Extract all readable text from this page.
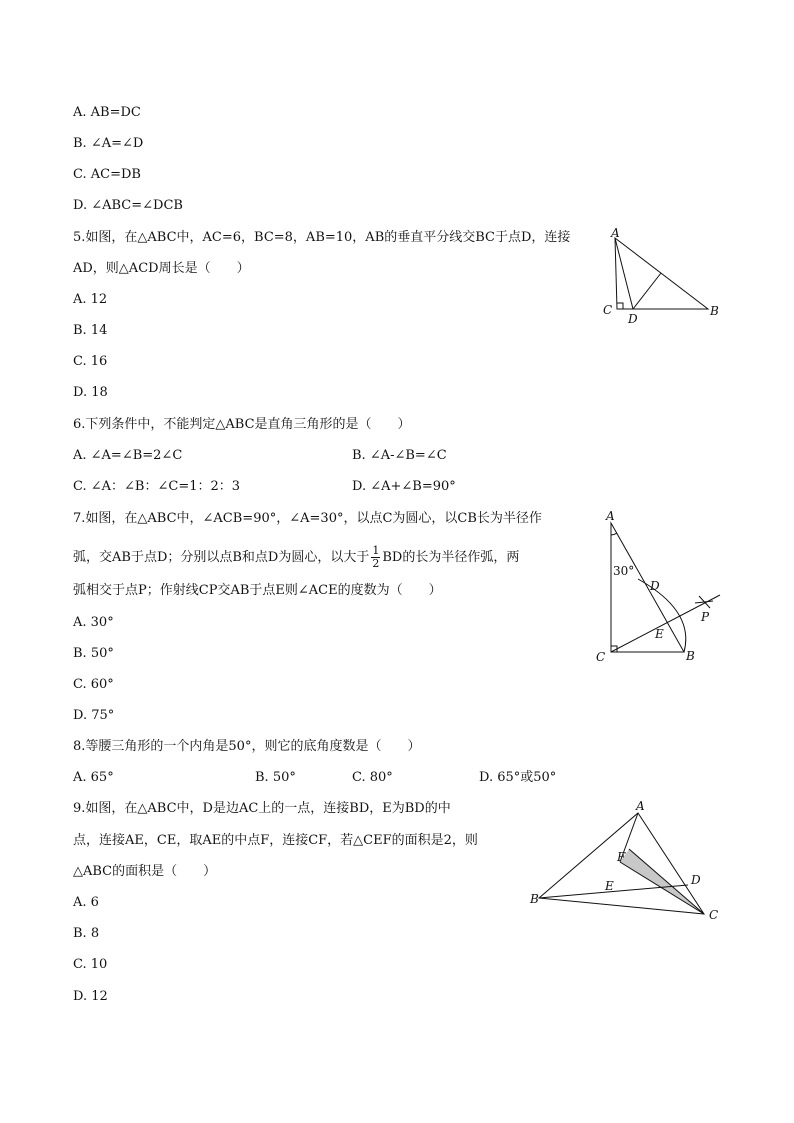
A. AB=DC
B. ∠A=∠D
C. AC=DB
D. ∠ABC=∠DCB
5.如图，在△ABC中，AC=6，BC=8，AB=10，AB的垂直平分线交BC于点D，连接
AD，则△ACD周长是（　　）
A. 12
B. 14
C. 16
D. 18
A
B
C
D
6.下列条件中，不能判定△ABC是直角三角形的是（　　）
A. ∠A=∠B=2∠C	B. ∠A-∠B=∠C
C. ∠A：∠B：∠C=1：2：3	D. ∠A+∠B=90°
7.如图，在△ABC中，∠ACB=90°，∠A=30°，以点C为圆心，以CB长为半径作
弧，交AB于点D；分别以点B和点D为圆心，以大于 $\frac{1}{2}$ BD的长为半径作弧，两
弧相交于点P；作射线CP交AB于点E则∠ACE的度数为（　　）
A. 30°
B. 50°
C. 60°
D. 75°
A
B
C
D
E
P
30°
8.等腰三角形的一个内角是50°，则它的底角度数是（　　）
A. 65°	B. 50°	C. 80°	D. 65°或50°
9.如图，在△ABC中，D是边AC上的一点，连接BD，E为BD的中
点，连接AE，CE，取AE的中点F，连接CF，若△CEF的面积是2，则
△ABC的面积是（　　）
A. 6
B. 8
C. 10
D. 12
A
B
C
D
E
F
